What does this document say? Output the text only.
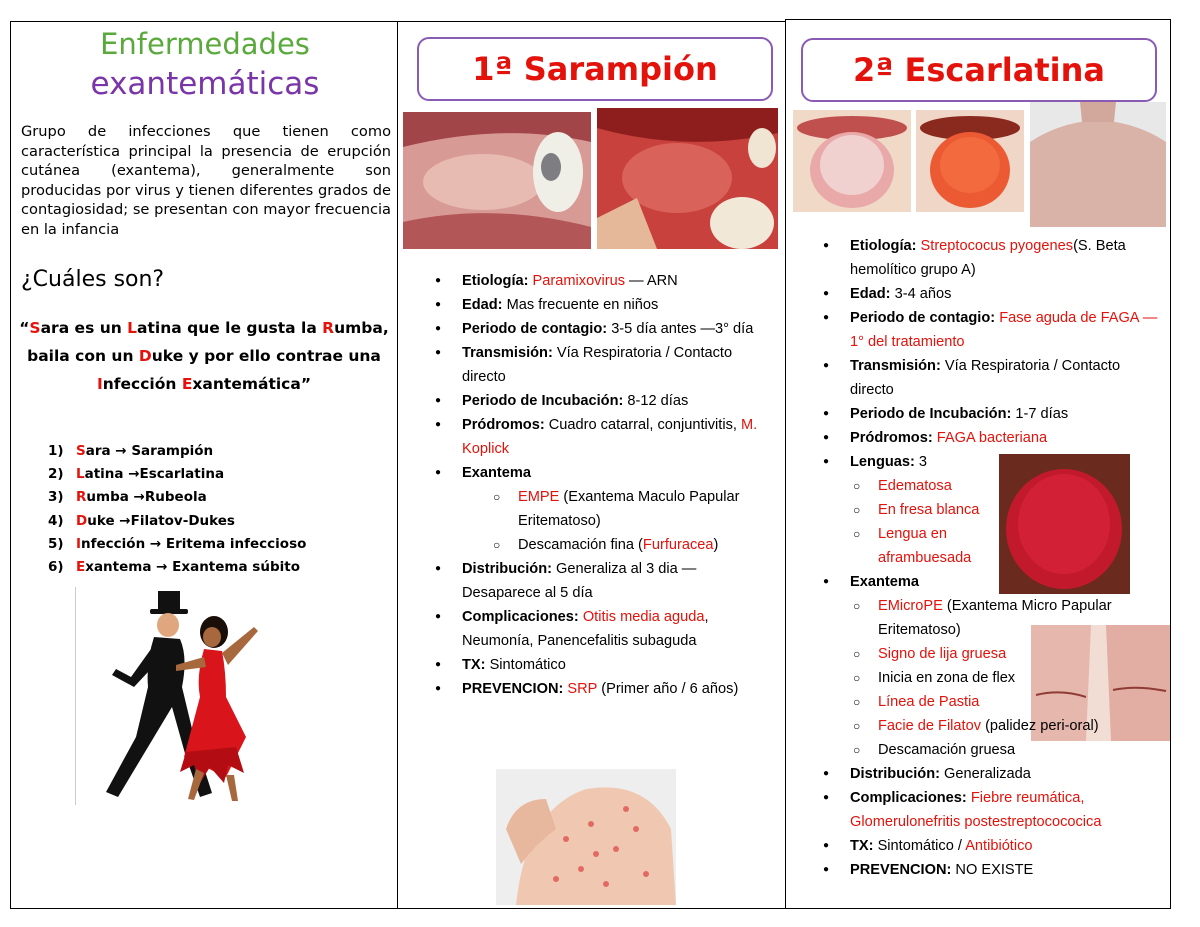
Enfermedades
exantemáticas
Grupo de infecciones que tienen como característica principal la presencia de erupción cutánea (exantema), generalmente son producidas por virus y tienen diferentes grados de contagiosidad; se presentan con mayor frecuencia en la infancia
¿Cuáles son?
“Sara es un Latina que le gusta la Rumba, baila con un Duke y por ello contrae una Infección Exantemática”
1) Sara → Sarampión
2) Latina →Escarlatina
3) Rumba →Rubeola
4) Duke →Filatov-Dukes
5) Infección → Eritema infeccioso
6) Exantema → Exantema súbito
1ª Sarampión
● Etiología: Paramixovirus — ARN
● Edad: Mas frecuente en niños
● Periodo de contagio: 3-5 día antes —3° día
● Transmisión: Vía Respiratoria / Contacto directo
● Periodo de Incubación: 8-12 días
● Pródromos: Cuadro catarral, conjuntivitis, M. Koplick
● Exantema
○ EMPE (Exantema Maculo Papular Eritematoso)
○ Descamación fina (Furfuracea)
● Distribución: Generaliza al 3 dia — Desaparece al 5 día
● Complicaciones: Otitis media aguda, Neumonía, Panencefalitis subaguda
● TX: Sintomático
● PREVENCION: SRP (Primer año / 6 años)
2ª Escarlatina
● Etiología: Streptococus pyogenes(S. Beta hemolítico grupo A)
● Edad: 3-4 años
● Periodo de contagio: Fase aguda de FAGA — 1° del tratamiento
● Transmisión: Vía Respiratoria / Contacto directo
● Periodo de Incubación: 1-7 días
● Pródromos: FAGA bacteriana
● Lenguas: 3
○ Edematosa
○ En fresa blanca
○ Lengua en aframbuesada
● Exantema
○ EMicroPE (Exantema Micro Papular Eritematoso)
○ Signo de lija gruesa
○ Inicia en zona de flex
○ Línea de Pastia
○ Facie de Filatov (palidez peri-oral)
○ Descamación gruesa
● Distribución: Generalizada
● Complicaciones: Fiebre reumática, Glomerulonefritis postestreptocococica
● TX: Sintomático / Antibiótico
● PREVENCION: NO EXISTE
